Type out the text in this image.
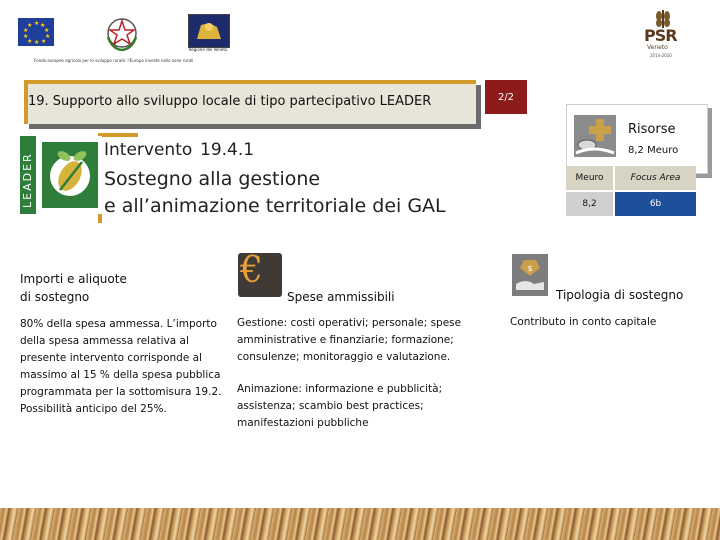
★ ★
★
★
★
★
★
★
★
★
Regione del Veneto
Fondo europeo agricolo per lo sviluppo rurale: l'Europa investe nelle zone rurali
PSR
Veneto
2014-2020
19. Supporto allo sviluppo locale di tipo partecipativo LEADER	2/2
LEADER
Intervento 19.4.1
Sostegno alla gestione
e all’animazione territoriale dei GAL
Risorse
8,2 Meuro
Meuro	Focus Area
8,2	6b
Importi e aliquote
di sostegno
80% della spesa ammessa. L’importo della spesa ammessa relativa al presente intervento corrisponde al massimo al 15 % della spesa pubblica programmata per la sottomisura 19.2. Possibilità anticipo del 25%.
€
Spese ammissibili
Gestione: costi operativi; personale; spese amministrative e finanziarie; formazione; consulenze; monitoraggio e valutazione.
Animazione: informazione e pubblicità; assistenza; scambio best practices; manifestazioni pubbliche
$
Tipologia di sostegno
Contributo in conto capitale
